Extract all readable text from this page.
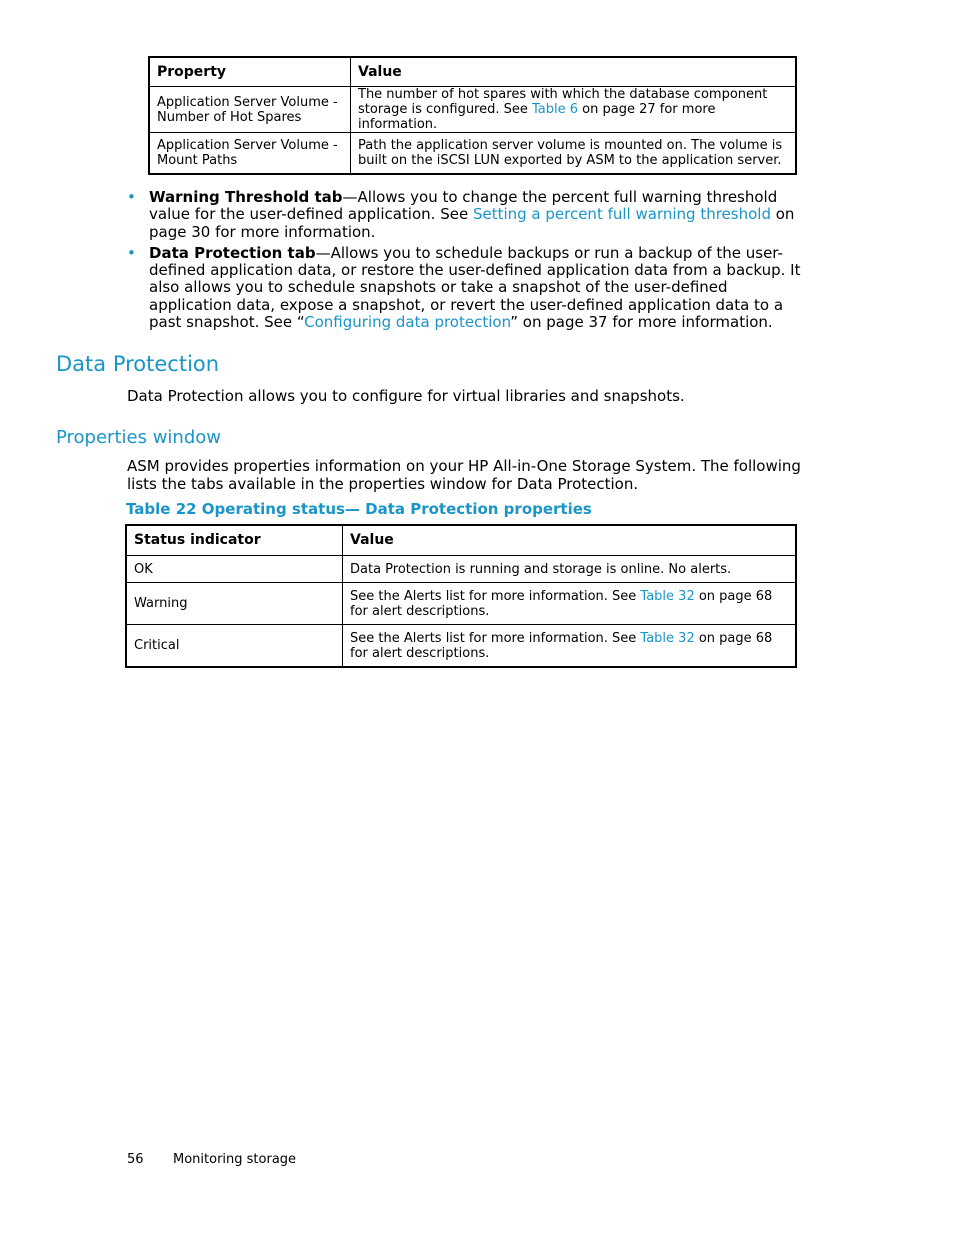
Property	Value
Application Server Volume - Number of Hot Spares	The number of hot spares with which the database component storage is configured. See Table 6 on page 27 for more information.
Application Server Volume - Mount Paths	Path the application server volume is mounted on. The volume is built on the iSCSI LUN exported by ASM to the application server.
• Warning Threshold tab—Allows you to change the percent full warning threshold value for the user-defined application. See Setting a percent full warning threshold on page 30 for more information.
• Data Protection tab—Allows you to schedule backups or run a backup of the user-defined application data, or restore the user-defined application data from a backup. It also allows you to schedule snapshots or take a snapshot of the user-defined application data, expose a snapshot, or revert the user-defined application data to a past snapshot. See “Configuring data protection” on page 37 for more information.
Data Protection
Data Protection allows you to configure for virtual libraries and snapshots.
Properties window
ASM provides properties information on your HP All-in-One Storage System. The following lists the tabs available in the properties window for Data Protection.
Table 22 Operating status— Data Protection properties
Status indicator	Value
OK	Data Protection is running and storage is online. No alerts.
Warning	See the Alerts list for more information. See Table 32 on page 68 for alert descriptions.
Critical	See the Alerts list for more information. See Table 32 on page 68 for alert descriptions.
56 Monitoring storage
